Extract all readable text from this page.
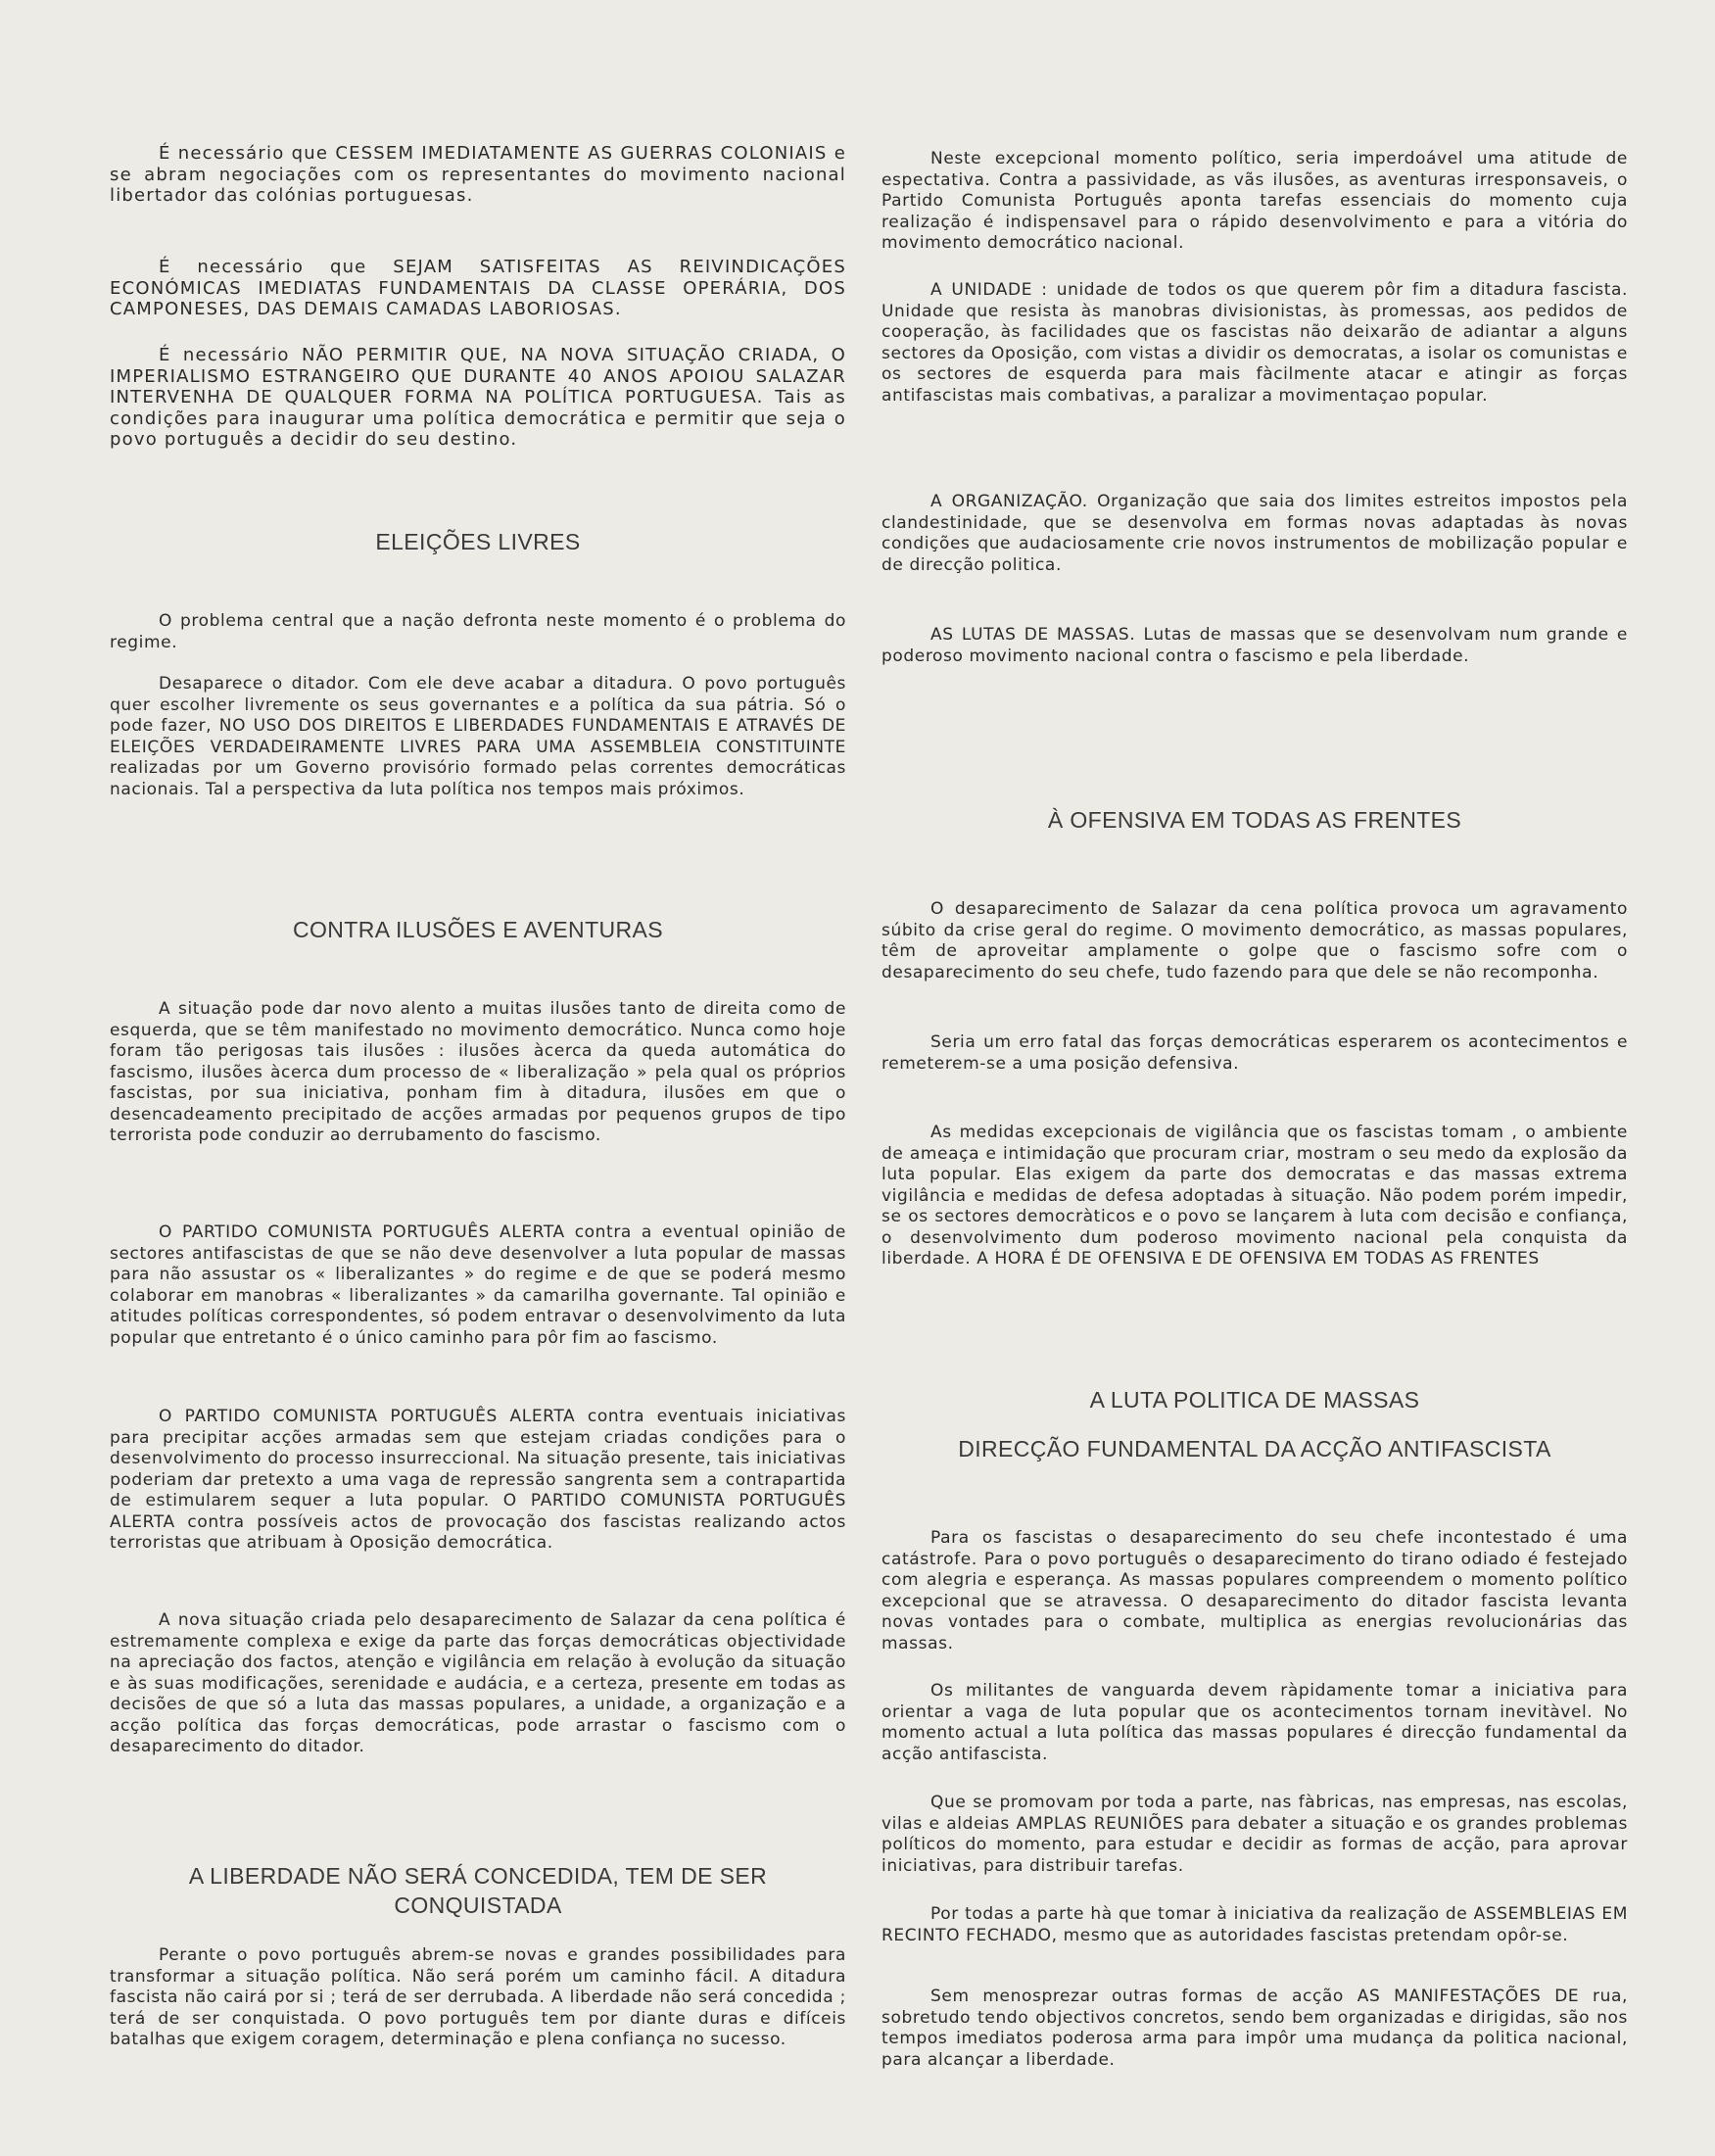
É necessário que CESSEM IMEDIATAMENTE AS GUERRAS COLONIAIS e se abram negociações com os representantes do movimento nacional libertador das colónias portuguesas.

É necessário que SEJAM SATISFEITAS AS REIVINDICAÇÕES ECONÓMICAS IMEDIATAS FUNDAMENTAIS DA CLASSE OPERÁRIA, DOS CAMPONESES, DAS DEMAIS CAMADAS LABORIOSAS.

É necessário NÃO PERMITIR QUE, NA NOVA SITUAÇÃO CRIADA, O IMPERIALISMO ESTRANGEIRO QUE DURANTE 40 ANOS APOIOU SALAZAR INTERVENHA DE QUALQUER FORMA NA POLÍTICA PORTUGUESA. Tais as condições para inaugurar uma política democrática e permitir que seja o povo português a decidir do seu destino.

ELEIÇÕES LIVRES

O problema central que a nação defronta neste momento é o problema do regime.

Desaparece o ditador. Com ele deve acabar a ditadura. O povo português quer escolher livremente os seus governantes e a política da sua pátria. Só o pode fazer, NO USO DOS DIREITOS E LIBERDADES FUNDAMENTAIS E ATRAVÉS DE ELEIÇÕES VERDADEIRAMENTE LIVRES PARA UMA ASSEMBLEIA CONSTITUINTE realizadas por um Governo provisório formado pelas correntes democráticas nacionais. Tal a perspectiva da luta política nos tempos mais próximos.

CONTRA ILUSÕES E AVENTURAS

A situação pode dar novo alento a muitas ilusões tanto de direita como de esquerda, que se têm manifestado no movimento democrático. Nunca como hoje foram tão perigosas tais ilusões : ilusões àcerca da queda automática do fascismo, ilusões àcerca dum processo de « liberalização » pela qual os próprios fascistas, por sua iniciativa, ponham fim à ditadura, ilusões em que o desencadeamento precipitado de acções armadas por pequenos grupos de tipo terrorista pode conduzir ao derrubamento do fascismo.

O PARTIDO COMUNISTA PORTUGUÊS ALERTA contra a eventual opinião de sectores antifascistas de que se não deve desenvolver a luta popular de massas para não assustar os « liberalizantes » do regime e de que se poderá mesmo colaborar em manobras « liberalizantes » da camarilha governante. Tal opinião e atitudes políticas correspondentes, só podem entravar o desenvolvimento da luta popular que entretanto é o único caminho para pôr fim ao fascismo.

O PARTIDO COMUNISTA PORTUGUÊS ALERTA contra eventuais iniciativas para precipitar acções armadas sem que estejam criadas condições para o desenvolvimento do processo insurreccional. Na situação presente, tais iniciativas poderiam dar pretexto a uma vaga de repressão sangrenta sem a contrapartida de estimularem sequer a luta popular. O PARTIDO COMUNISTA PORTUGUÊS ALERTA contra possíveis actos de provocação dos fascistas realizando actos terroristas que atribuam à Oposição democrática.

A nova situação criada pelo desaparecimento de Salazar da cena política é estremamente complexa e exige da parte das forças democráticas objectividade na apreciação dos factos, atenção e vigilância em relação à evolução da situação e às suas modificações, serenidade e audácia, e a certeza, presente em todas as decisões de que só a luta das massas populares, a unidade, a organização e a acção política das forças democráticas, pode arrastar o fascismo com o desaparecimento do ditador.

A LIBERDADE NÃO SERÁ CONCEDIDA, TEM DE SER
CONQUISTADA

Perante o povo português abrem-se novas e grandes possibilidades para transformar a situação política. Não será porém um caminho fácil. A ditadura fascista não cairá por si ; terá de ser derrubada. A liberdade não será concedida ; terá de ser conquistada. O povo português tem por diante duras e difíceis batalhas que exigem coragem, determinação e plena confiança no sucesso.

Neste excepcional momento político, seria imperdoável uma atitude de espectativa. Contra a passividade, as vãs ilusões, as aventuras irresponsaveis, o Partido Comunista Português aponta tarefas essenciais do momento cuja realização é indispensavel para o rápido desenvolvimento e para a vitória do movimento democrático nacional.

A UNIDADE : unidade de todos os que querem pôr fim a ditadura fascista. Unidade que resista às manobras divisionistas, às promessas, aos pedidos de cooperação, às facilidades que os fascistas não deixarão de adiantar a alguns sectores da Oposição, com vistas a dividir os democratas, a isolar os comunistas e os sectores de esquerda para mais fàcilmente atacar e atingir as forças antifascistas mais combativas, a paralizar a movimentaçao popular.

A ORGANIZAÇÃO. Organização que saia dos limites estreitos impostos pela clandestinidade, que se desenvolva em formas novas adaptadas às novas condições que audaciosamente crie novos instrumentos de mobilização popular e de direcção politica.

AS LUTAS DE MASSAS. Lutas de massas que se desenvolvam num grande e poderoso movimento nacional contra o fascismo e pela liberdade.

À OFENSIVA EM TODAS AS FRENTES

O desaparecimento de Salazar da cena política provoca um agravamento súbito da crise geral do regime. O movimento democrático, as massas populares, têm de aproveitar amplamente o golpe que o fascismo sofre com o desaparecimento do seu chefe, tudo fazendo para que dele se não recomponha.

Seria um erro fatal das forças democráticas esperarem os acontecimentos e remeterem-se a uma posição defensiva.

As medidas excepcionais de vigilância que os fascistas tomam , o ambiente de ameaça e intimidação que procuram criar, mostram o seu medo da explosão da luta popular. Elas exigem da parte dos democratas e das massas extrema vigilância e medidas de defesa adoptadas à situação. Não podem porém impedir, se os sectores democràticos e o povo se lançarem à luta com decisão e confiança, o desenvolvimento dum poderoso movimento nacional pela conquista da liberdade. A HORA É DE OFENSIVA E DE OFENSIVA EM TODAS AS FRENTES

A LUTA POLITICA DE MASSAS
DIRECÇÃO FUNDAMENTAL DA ACÇÃO ANTIFASCISTA

Para os fascistas o desaparecimento do seu chefe incontestado é uma catástrofe. Para o povo português o desaparecimento do tirano odiado é festejado com alegria e esperança. As massas populares compreendem o momento político excepcional que se atravessa. O desaparecimento do ditador fascista levanta novas vontades para o combate, multiplica as energias revolucionárias das massas.

Os militantes de vanguarda devem ràpidamente tomar a iniciativa para orientar a vaga de luta popular que os acontecimentos tornam inevitàvel. No momento actual a luta política das massas populares é direcção fundamental da acção antifascista.

Que se promovam por toda a parte, nas fàbricas, nas empresas, nas escolas, vilas e aldeias AMPLAS REUNIÕES para debater a situação e os grandes problemas políticos do momento, para estudar e decidir as formas de acção, para aprovar iniciativas, para distribuir tarefas.

Por todas a parte hà que tomar à iniciativa da realização de ASSEMBLEIAS EM RECINTO FECHADO, mesmo que as autoridades fascistas pretendam opôr-se.

Sem menosprezar outras formas de acção AS MANIFESTAÇÕES DE rua, sobretudo tendo objectivos concretos, sendo bem organizadas e dirigidas, são nos tempos imediatos poderosa arma para impôr uma mudança da politica nacional, para alcançar a liberdade.
